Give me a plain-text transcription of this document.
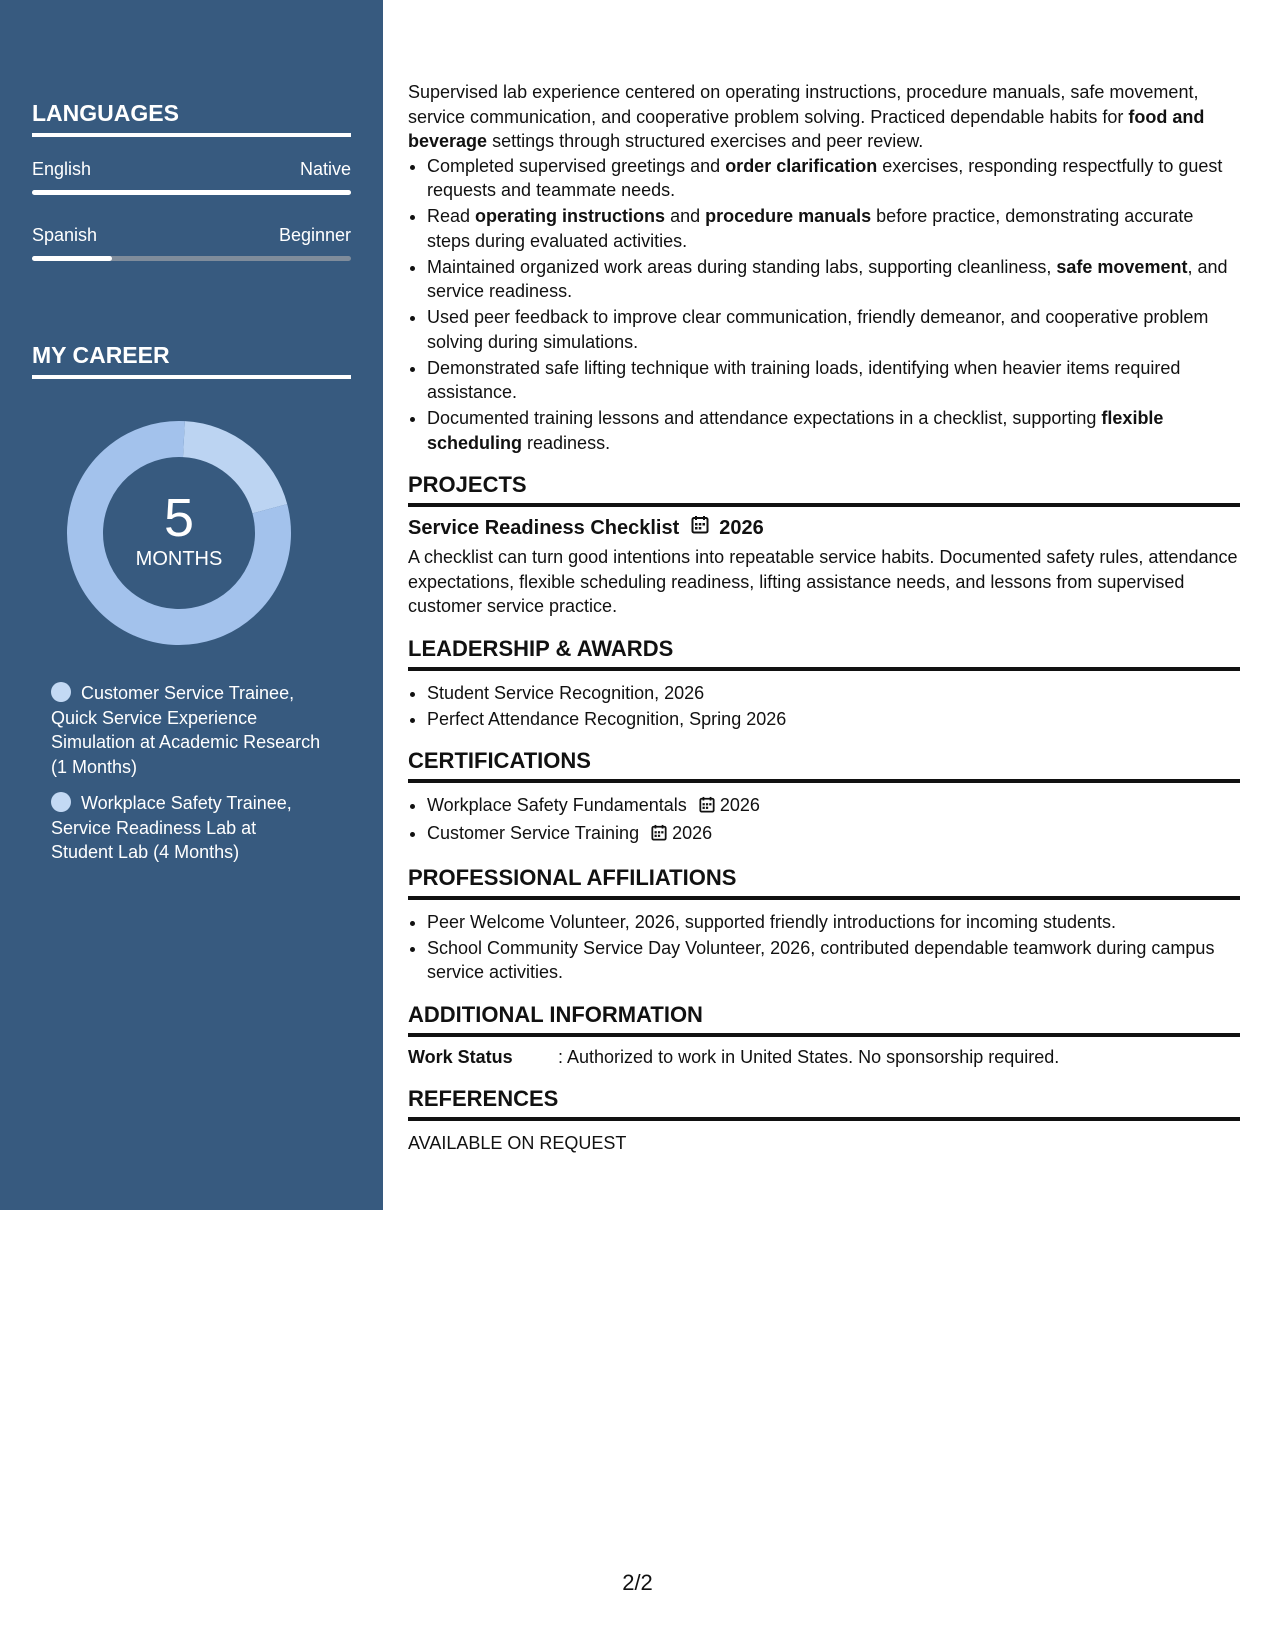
LANGUAGES
English	Native
Spanish	Beginner
MY CAREER
5
MONTHS
Customer Service Trainee, Quick Service Experience Simulation at Academic Research (1 Months)
Workplace Safety Trainee, Service Readiness Lab at Student Lab (4 Months)

Supervised lab experience centered on operating instructions, procedure manuals, safe movement, service communication, and cooperative problem solving. Practiced dependable habits for food and beverage settings through structured exercises and peer review.

• Completed supervised greetings and order clarification exercises, responding respectfully to guest requests and teammate needs.
• Read operating instructions and procedure manuals before practice, demonstrating accurate steps during evaluated activities.
• Maintained organized work areas during standing labs, supporting cleanliness, safe movement, and service readiness.
• Used peer feedback to improve clear communication, friendly demeanor, and cooperative problem solving during simulations.
• Demonstrated safe lifting technique with training loads, identifying when heavier items required assistance.
• Documented training lessons and attendance expectations in a checklist, supporting flexible scheduling readiness.
PROJECTS
Service Readiness Checklist 2026

A checklist can turn good intentions into repeatable service habits. Documented safety rules, attendance expectations, flexible scheduling readiness, lifting assistance needs, and lessons from supervised customer service practice.

LEADERSHIP & AWARDS
• Student Service Recognition, 2026
• Perfect Attendance Recognition, Spring 2026
CERTIFICATIONS
• Workplace Safety Fundamentals 2026
• Customer Service Training 2026
PROFESSIONAL AFFILIATIONS
• Peer Welcome Volunteer, 2026, supported friendly introductions for incoming students.
• School Community Service Day Volunteer, 2026, contributed dependable teamwork during campus service activities.
ADDITIONAL INFORMATION
Work Status	: Authorized to work in United States. No sponsorship required.
REFERENCES

AVAILABLE ON REQUEST

2/2
